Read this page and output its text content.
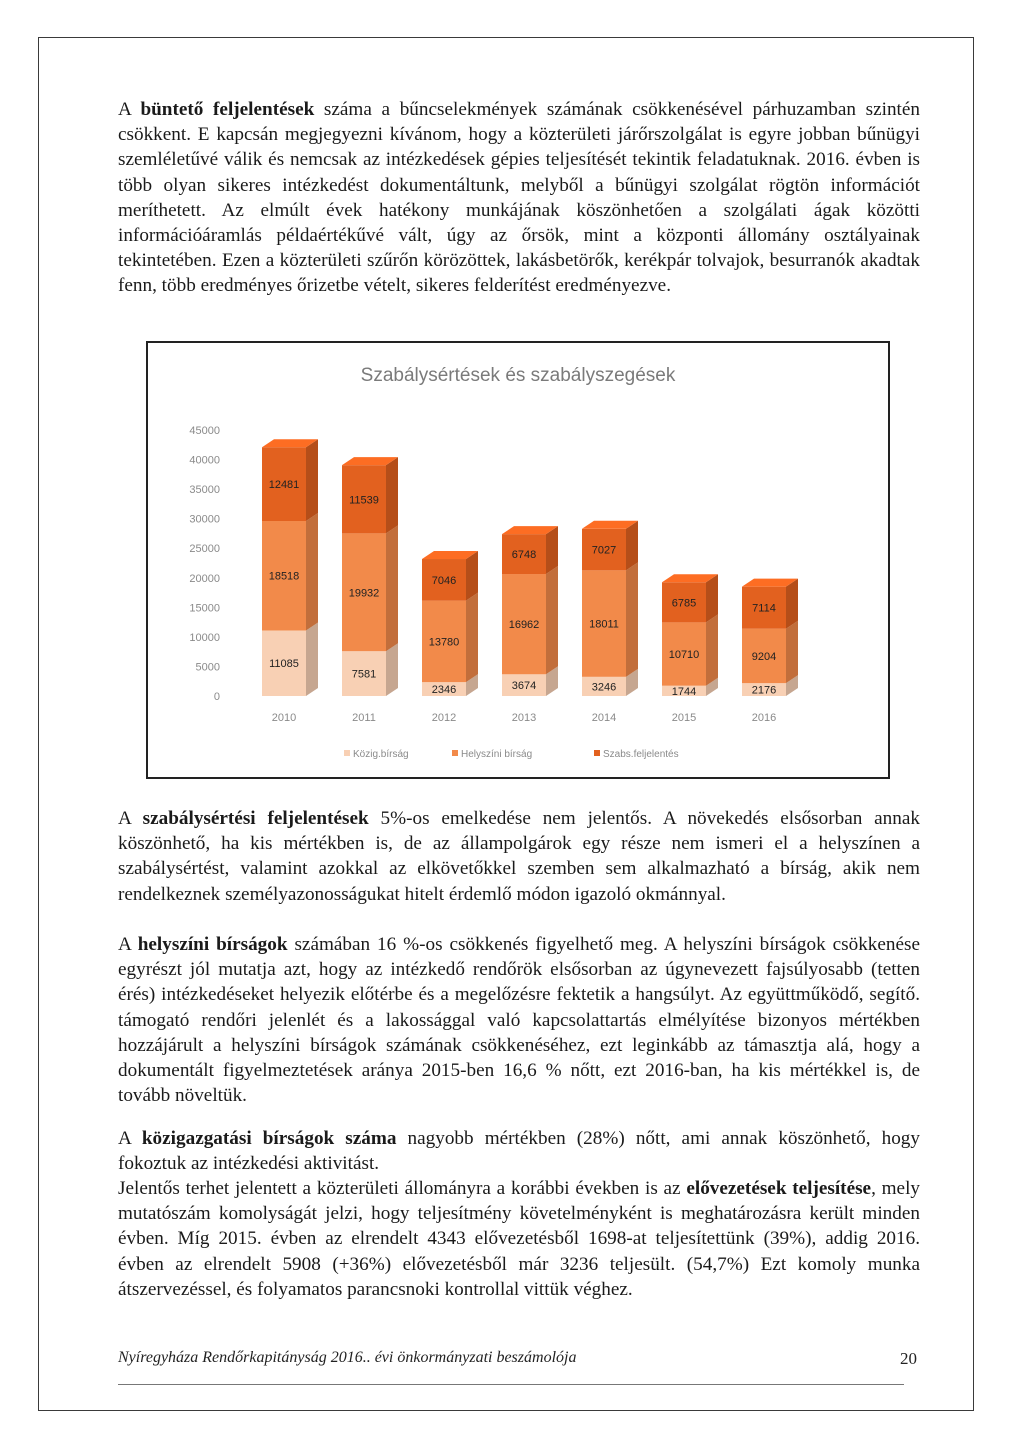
A büntető feljelentések száma a bűncselekmények számának csökkenésével párhuzamban szintén csökkent. E kapcsán megjegyezni kívánom, hogy a közterületi járőrszolgálat is egyre jobban bűnügyi szemléletűvé válik és nemcsak az intézkedések gépies teljesítését tekintik feladatuknak. 2016. évben is több olyan sikeres intézkedést dokumentáltunk, melyből a bűnügyi szolgálat rögtön információt meríthetett. Az elmúlt évek hatékony munkájának köszönhetően a szolgálati ágak közötti információáramlás példaértékűvé vált, úgy az őrsök, mint a központi állomány osztályainak tekintetében. Ezen a közterületi szűrőn körözöttek, lakásbetörők, kerékpár tolvajok, besurranók akadtak fenn, több eredményes őrizetbe vételt, sikeres felderítést eredményezve.

Szabálysértések és szabályszegések
45000
40000
35000
30000
25000
20000
15000
10000
5000
0
11085
18518
12481
2010
7581
19932
11539
2011
2346
13780
7046
2012
3674
16962
6748
2013
3246
18011
7027
2014
1744
10710
6785
2015
2176
9204
7114
2016
Közig.bírság	Helyszíni bírság	Szabs.feljelentés

A szabálysértési feljelentések 5%-os emelkedése nem jelentős. A növekedés elsősorban annak köszönhető, ha kis mértékben is, de az állampolgárok egy része nem ismeri el a helyszínen a szabálysértést, valamint azokkal az elkövetőkkel szemben sem alkalmazható a bírság, akik nem rendelkeznek személyazonosságukat hitelt érdemlő módon igazoló okmánnyal.

A helyszíni bírságok számában 16 %-os csökkenés figyelhető meg. A helyszíni bírságok csökkenése egyrészt jól mutatja azt, hogy az intézkedő rendőrök elsősorban az úgynevezett fajsúlyosabb (tetten érés) intézkedéseket helyezik előtérbe és a megelőzésre fektetik a hangsúlyt. Az együttműködő, segítő. támogató rendőri jelenlét és a lakossággal való kapcsolattartás elmélyítése bizonyos mértékben hozzájárult a helyszíni bírságok számának csökkenéséhez, ezt leginkább az támasztja alá, hogy a dokumentált figyelmeztetések aránya 2015-ben 16,6 % nőtt, ezt 2016-ban, ha kis mértékkel is, de tovább növeltük.

A közigazgatási bírságok száma nagyobb mértékben (28%) nőtt, ami annak köszönhető, hogy fokoztuk az intézkedési aktivitást.

Jelentős terhet jelentett a közterületi állományra a korábbi években is az elővezetések teljesítése, mely mutatószám komolyságát jelzi, hogy teljesítmény követelményként is meghatározásra került minden évben. Míg 2015. évben az elrendelt 4343 elővezetésből 1698-at teljesítettünk (39%), addig 2016. évben az elrendelt 5908 (+36%) elővezetésből már 3236 teljesült. (54,7%) Ezt komoly munka átszervezéssel, és folyamatos parancsnoki kontrollal vittük véghez.

Nyíregyháza Rendőrkapitányság 2016.. évi önkormányzati beszámolója	20
